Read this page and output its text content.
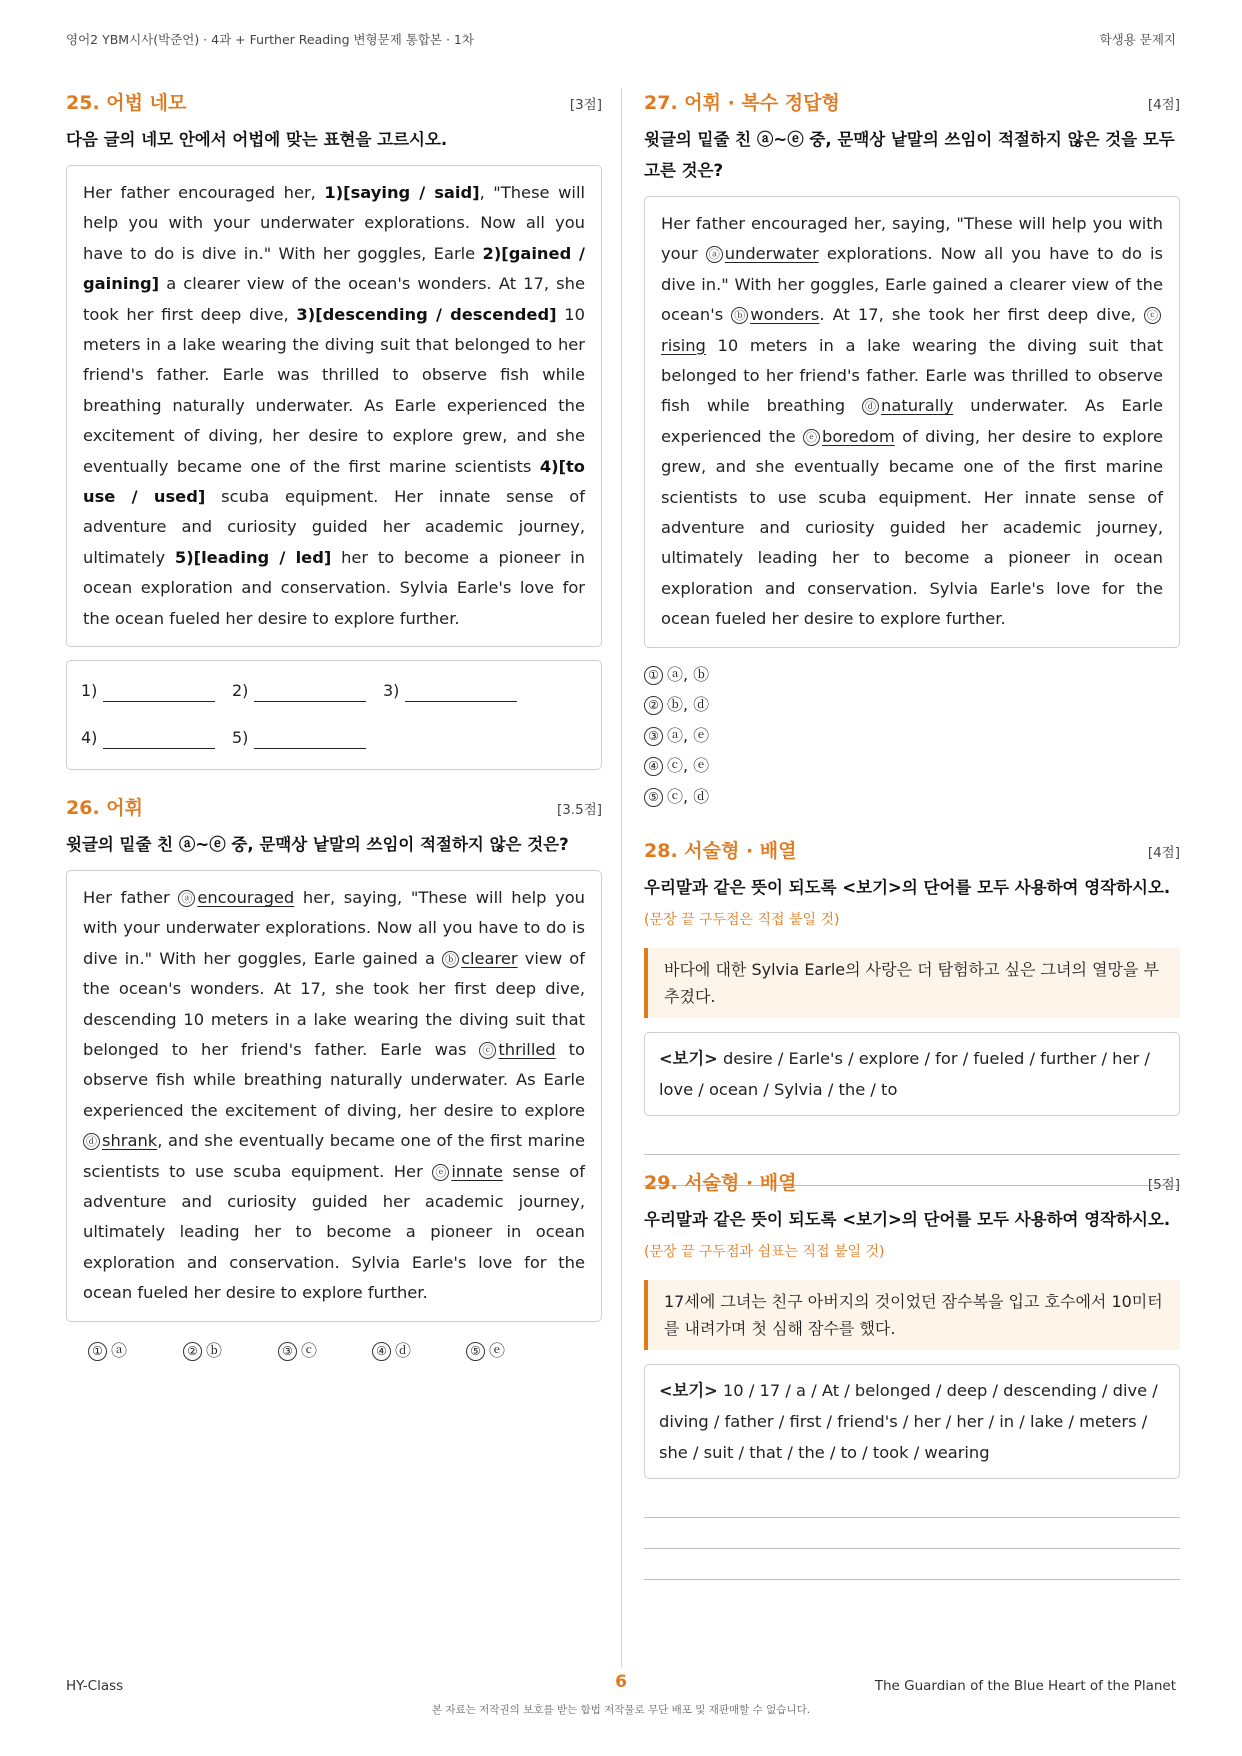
영어2 YBM시사(박준언) · 4과 + Further Reading 변형문제 통합본 · 1차	학생용 문제지
25. 어법 네모	[3점]
다음 글의 네모 안에서 어법에 맞는 표현을 고르시오.
Her father encouraged her, 1)[saying / said], "These will help you with your underwater explorations. Now all you have to do is dive in." With her goggles, Earle 2)[gained / gaining] a clearer view of the ocean's wonders. At 17, she took her first deep dive, 3)[descending / descended] 10 meters in a lake wearing the diving suit that belonged to her friend's father. Earle was thrilled to observe fish while breathing naturally underwater. As Earle experienced the excitement of diving, her desire to explore grew, and she eventually became one of the first marine scientists 4)[to use / used] scuba equipment. Her innate sense of adventure and curiosity guided her academic journey, ultimately 5)[leading / led] her to become a pioneer in ocean exploration and conservation. Sylvia Earle's love for the ocean fueled her desire to explore further.
1)	2)	3)
4)	5)
26. 어휘	[3.5점]
윗글의 밑줄 친 ⓐ~ⓔ 중, 문맥상 낱말의 쓰임이 적절하지 않은 것은?
Her father ⓐ encouraged her, saying, "These will help you with your underwater explorations. Now all you have to do is dive in." With her goggles, Earle gained a ⓑ clearer view of the ocean's wonders. At 17, she took her first deep dive, descending 10 meters in a lake wearing the diving suit that belonged to her friend's father. Earle was ⓒ thrilled to observe fish while breathing naturally underwater. As Earle experienced the excitement of diving, her desire to explore ⓓ shrank, and she eventually became one of the first marine scientists to use scuba equipment. Her ⓔ innate sense of adventure and curiosity guided her academic journey, ultimately leading her to become a pioneer in ocean exploration and conservation. Sylvia Earle's love for the ocean fueled her desire to explore further.
① ⓐ	② ⓑ	③ ⓒ	④ ⓓ	⑤ ⓔ
27. 어휘 · 복수 정답형	[4점]
윗글의 밑줄 친 ⓐ~ⓔ 중, 문맥상 낱말의 쓰임이 적절하지 않은 것을 모두 고른 것은?
Her father encouraged her, saying, "These will help you with your ⓐ underwater explorations. Now all you have to do is dive in." With her goggles, Earle gained a clearer view of the ocean's ⓑ wonders. At 17, she took her first deep dive, ⓒrising 10 meters in a lake wearing the diving suit that belonged to her friend's father. Earle was thrilled to observe fish while breathing ⓓ naturally underwater. As Earle experienced the ⓔ boredom of diving, her desire to explore grew, and she eventually became one of the first marine scientists to use scuba equipment. Her innate sense of adventure and curiosity guided her academic journey, ultimately leading her to become a pioneer in ocean exploration and conservation. Sylvia Earle's love for the ocean fueled her desire to explore further.
① ⓐ, ⓑ
② ⓑ, ⓓ
③ ⓐ, ⓔ
④ ⓒ, ⓔ
⑤ ⓒ, ⓓ
28. 서술형 · 배열	[4점]
우리말과 같은 뜻이 되도록 <보기>의 단어를 모두 사용하여 영작하시오. (문장 끝 구두점은 직접 붙일 것)
바다에 대한 Sylvia Earle의 사랑은 더 탐험하고 싶은 그녀의 열망을 부추겼다.
<보기> desire / Earle's / explore / for / fueled / further / her / love / ocean / Sylvia / the / to
29. 서술형 · 배열	[5점]
우리말과 같은 뜻이 되도록 <보기>의 단어를 모두 사용하여 영작하시오. (문장 끝 구두점과 쉼표는 직접 붙일 것)
17세에 그녀는 친구 아버지의 것이었던 잠수복을 입고 호수에서 10미터를 내려가며 첫 심해 잠수를 했다.
<보기> 10 / 17 / a / At / belonged / deep / descending / dive / diving / father / first / friend's / her / her / in / lake / meters / she / suit / that / the / to / took / wearing
HY-Class	6	The Guardian of the Blue Heart of the Planet
본 자료는 저작권의 보호를 받는 합법 저작물로 무단 배포 및 재판매할 수 없습니다.
